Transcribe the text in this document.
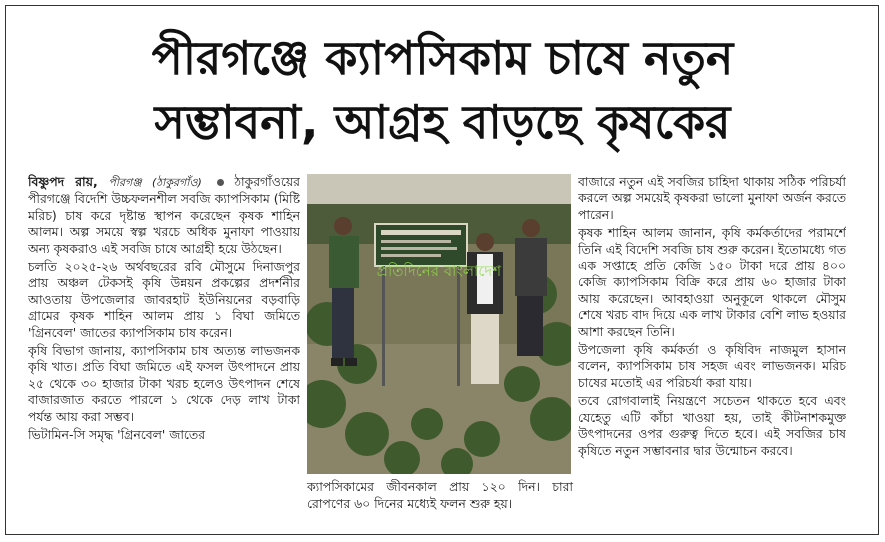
পীরগঞ্জে ক্যাপসিকাম চাষে নতুন
সম্ভাবনা, আগ্রহ বাড়ছে কৃষকের

বিষ্ণুপদ রায়, পীরগঞ্জ (ঠাকুরগাঁও)	ঠাকুরগাঁওয়ের পীরগঞ্জে বিদেশি উচ্চফলনশীল সবজি ক্যাপসিকাম (মিষ্টি মরিচ) চাষ করে দৃষ্টান্ত স্থাপন করেছেন কৃষক শাহিন আলম। অল্প সময়ে স্বল্প খরচে অধিক মুনাফা পাওয়ায় অন্য কৃষকরাও এই সবজি চাষে আগ্রহী হয়ে উঠছেন।

চলতি ২০২৫-২৬ অর্থবছরের রবি মৌসুমে দিনাজপুর প্রায় অঞ্চল টেকসই কৃষি উন্নয়ন প্রকল্পের প্রদর্শনীর আওতায় উপজেলার জাবরহাট ইউনিয়নের বড়বাড়ি গ্রামের কৃষক শাহিন আলম প্রায় ১ বিঘা জমিতে 'গ্রিনবেল' জাতের ক্যাপসিকাম চাষ করেন।

কৃষি বিভাগ জানায়, ক্যাপসিকাম চাষ অত্যন্ত লাভজনক কৃষি খাত। প্রতি বিঘা জমিতে এই ফসল উৎপাদনে প্রায় ২৫ থেকে ৩০ হাজার টাকা খরচ হলেও উৎপাদন শেষে বাজারজাত করতে পারলে ১ থেকে দেড় লাখ টাকা পর্যন্ত আয় করা সম্ভব।

ভিটামিন-সি সমৃদ্ধ 'গ্রিনবেল' জাতের

প্রতিদিনের বাংলাদেশ
ক্যাপসিকামের জীবনকাল প্রায় ১২০ দিন। চারা রোপণের ৬০ দিনের মধ্যেই ফলন শুরু হয়।

বাজারে নতুন এই সবজির চাহিদা থাকায় সঠিক পরিচর্যা করলে অল্প সময়েই কৃষকরা ভালো মুনাফা অর্জন করতে পারেন।

কৃষক শাহিন আলম জানান, কৃষি কর্মকর্তাদের পরামর্শে তিনি এই বিদেশি সবজি চাষ শুরু করেন। ইতোমধ্যে গত এক সপ্তাহে প্রতি কেজি ১৫০ টাকা দরে প্রায় ৪০০ কেজি ক্যাপসিকাম বিক্রি করে প্রায় ৬০ হাজার টাকা আয় করেছেন। আবহাওয়া অনুকূলে থাকলে মৌসুম শেষে খরচ বাদ দিয়ে এক লাখ টাকার বেশি লাভ হওয়ার আশা করছেন তিনি।

উপজেলা কৃষি কর্মকর্তা ও কৃষিবিদ নাজমুল হাসান বলেন, ক্যাপসিকাম চাষ সহজ এবং লাভজনক। মরিচ চাষের মতোই এর পরিচর্যা করা যায়।

তবে রোগবালাই নিয়ন্ত্রণে সচেতন থাকতে হবে এবং যেহেতু এটি কাঁচা খাওয়া হয়, তাই কীটনাশকমুক্ত উৎপাদনের ওপর গুরুত্ব দিতে হবে। এই সবজির চাষ কৃষিতে নতুন সম্ভাবনার দ্বার উন্মোচন করবে।
